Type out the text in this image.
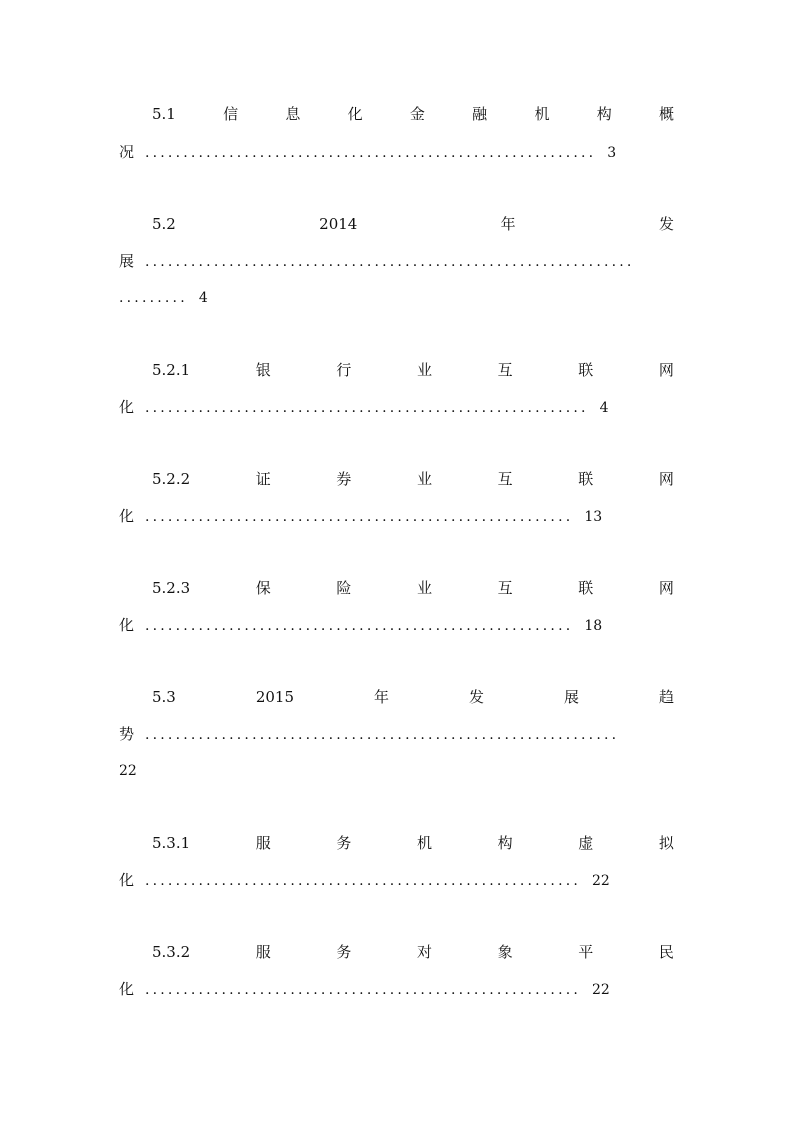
5.1	信	息	化	金	融	机	构	概
况 ........................................................... 3
5.2	2014	年	发
展 ................................................................
......... 4
5.2.1	银	行	业	互	联	网
化 .......................................................... 4
5.2.2	证	券	业	互	联	网
化 ........................................................ 13
5.2.3	保	险	业	互	联	网
化 ........................................................ 18
5.3	2015	年	发	展	趋
势 ..............................................................
22
5.3.1	服	务	机	构	虚	拟
化 ......................................................... 22
5.3.2	服	务	对	象	平	民
化 ......................................................... 22
